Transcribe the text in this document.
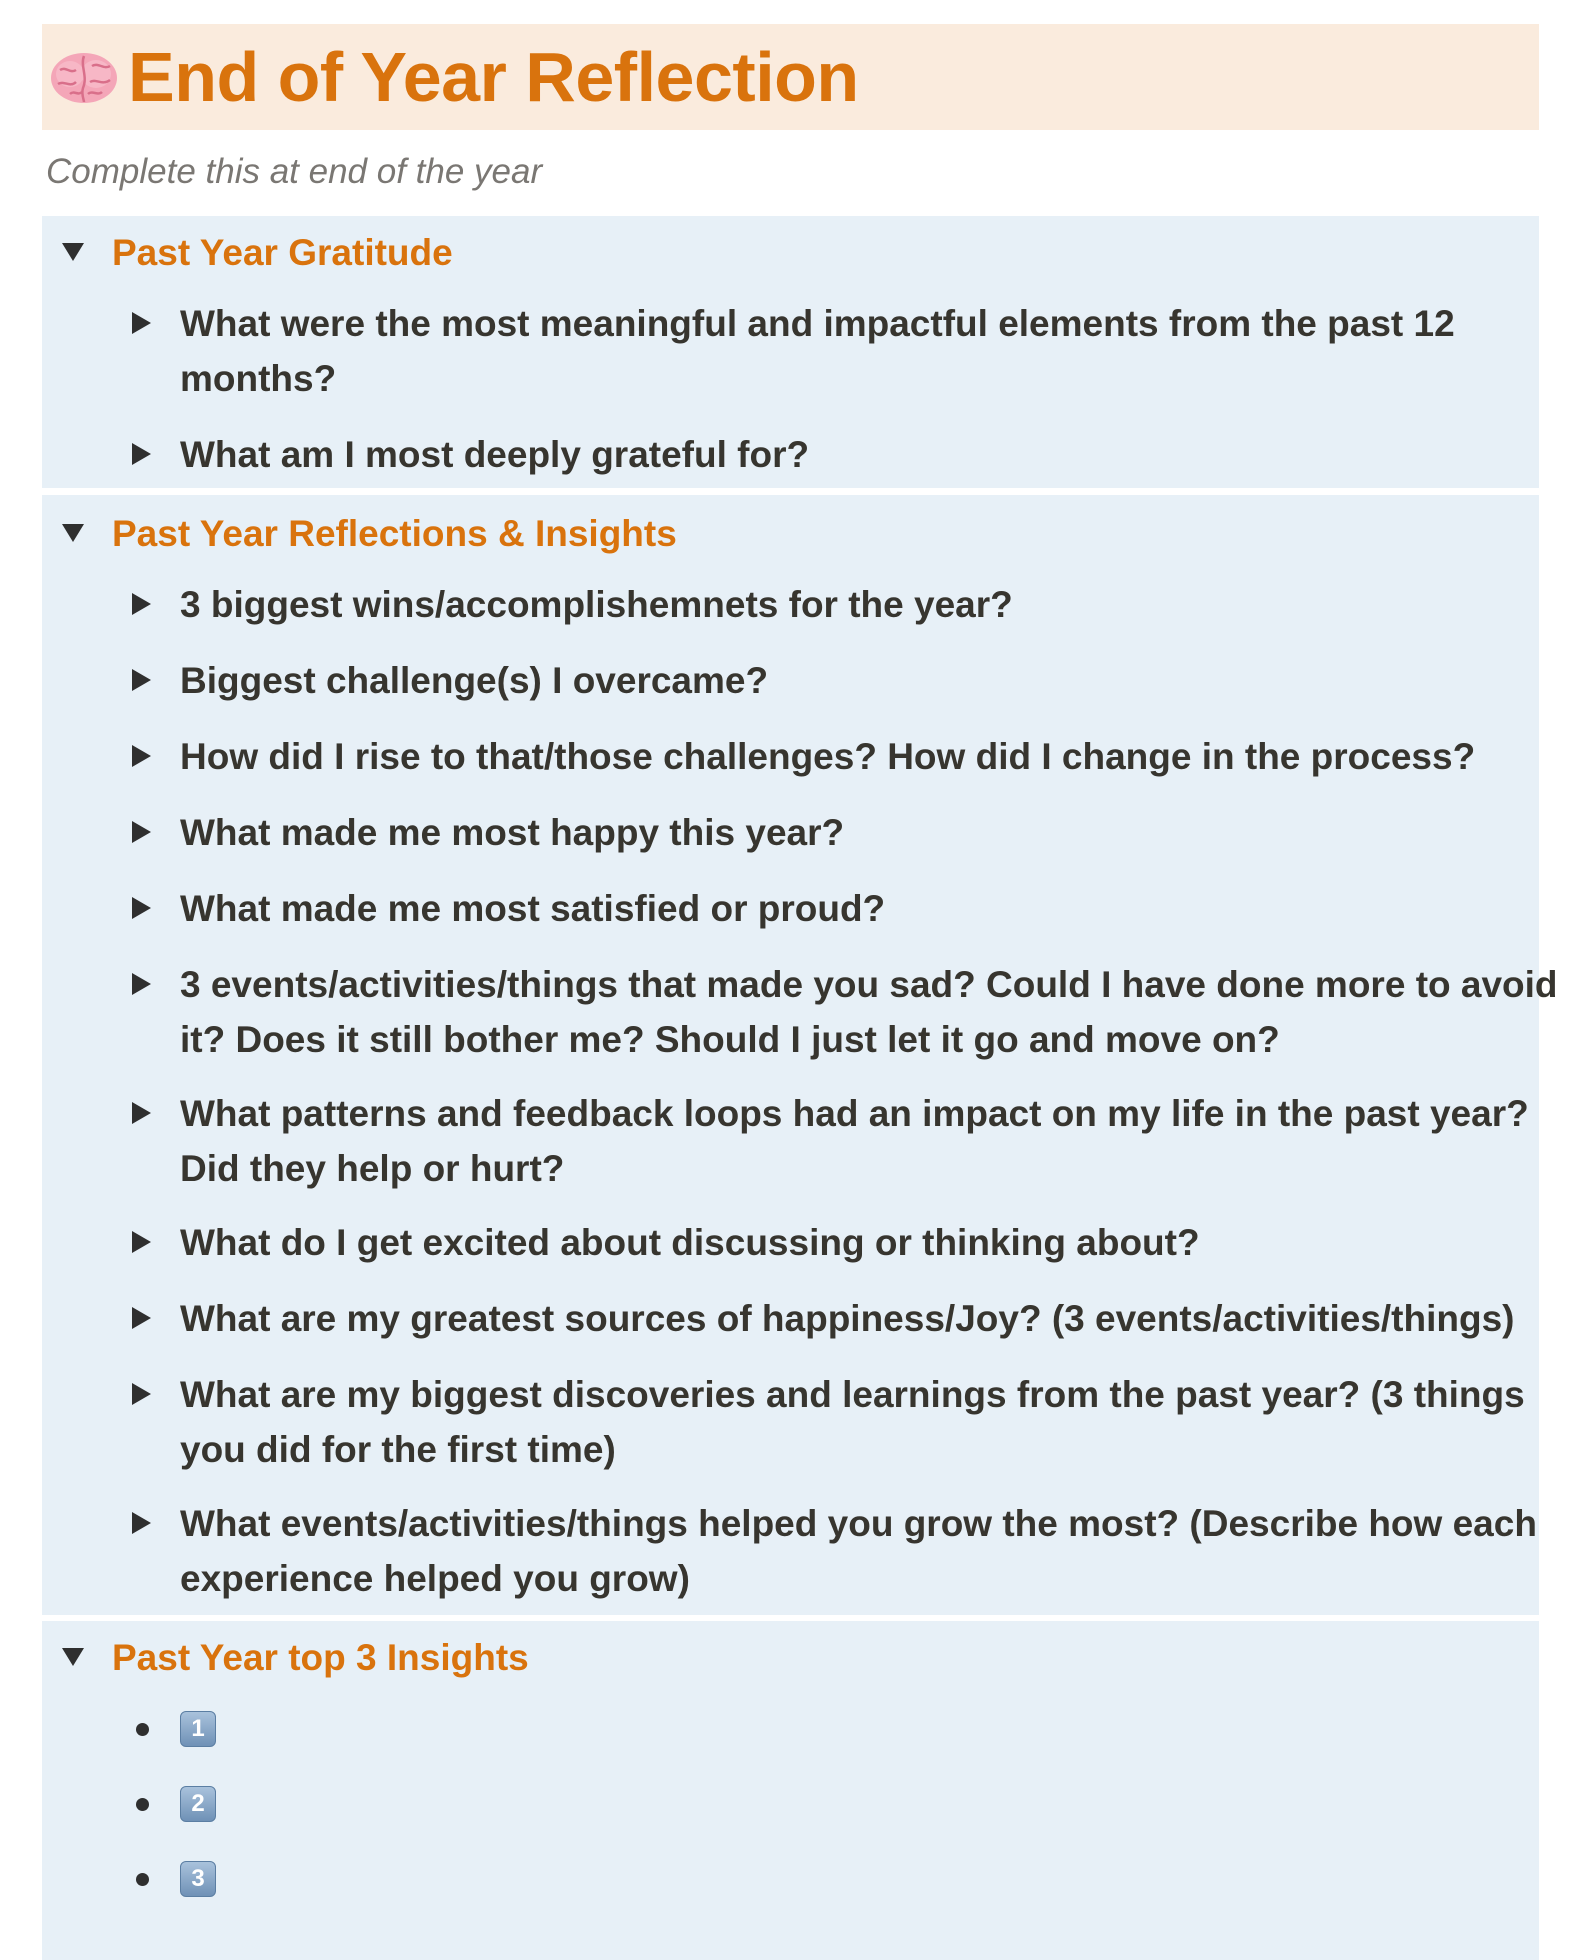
End of Year Reflection
Complete this at end of the year
Past Year Gratitude
What were the most meaningful and impactful elements from the past 12 months?
What am I most deeply grateful for?
Past Year Reflections & Insights
3 biggest wins/accomplishemnets for the year?
Biggest challenge(s) I overcame?
How did I rise to that/those challenges? How did I change in the process?
What made me most happy this year?
What made me most satisfied or proud?
3 events/activities/things that made you sad? Could I have done more to avoid it? Does it still bother me? Should I just let it go and move on?
What patterns and feedback loops had an impact on my life in the past year? Did they help or hurt?
What do I get excited about discussing or thinking about?
What are my greatest sources of happiness/Joy? (3 events/activities/things)
What are my biggest discoveries and learnings from the past year? (3 things you did for the first time)
What events/activities/things helped you grow the most? (Describe how each experience helped you grow)
Past Year top 3 Insights
1
2
3
